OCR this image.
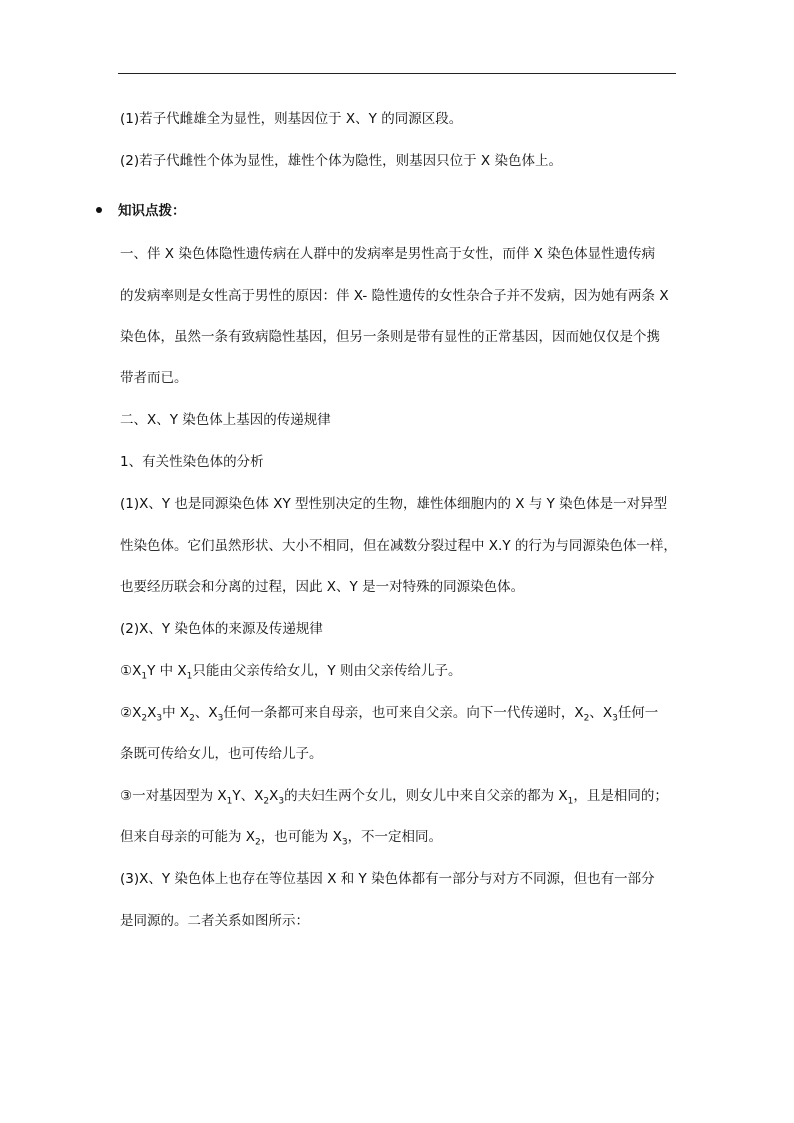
(1)若子代雌雄全为显性，则基因位于 X、Y 的同源区段。
(2)若子代雌性个体为显性，雄性个体为隐性，则基因只位于 X 染色体上。
知识点拨：
一、伴 X 染色体隐性遗传病在人群中的发病率是男性高于女性，而伴 X 染色体显性遗传病
的发病率则是女性高于男性的原因：伴 X- 隐性遗传的女性杂合子并不发病，因为她有两条 X
染色体，虽然一条有致病隐性基因，但另一条则是带有显性的正常基因，因而她仅仅是个携
带者而已。
二、X、Y 染色体上基因的传递规律
1、有关性染色体的分析
(1)X、Y 也是同源染色体 XY 型性别决定的生物，雄性体细胞内的 X 与 Y 染色体是一对异型
性染色体。它们虽然形状、大小不相同，但在减数分裂过程中 X.Y 的行为与同源染色体一样，
也要经历联会和分离的过程，因此 X、Y 是一对特殊的同源染色体。
(2)X、Y 染色体的来源及传递规律
$①X_1Y$ 中 $X_1$只能由父亲传给女儿，Y 则由父亲传给儿子。
$②X_2X_3$中 $X_2$、$X_3$任何一条都可来自母亲，也可来自父亲。向下一代传递时，$X_2$、$X_3$任何一
条既可传给女儿，也可传给儿子。
③一对基因型为 $X_1Y$、$X_2X_3$的夫妇生两个女儿，则女儿中来自父亲的都为 $X_1$，且是相同的；
但来自母亲的可能为 $X_2$，也可能为 $X_3$，不一定相同。
(3)X、Y 染色体上也存在等位基因 X 和 Y 染色体都有一部分与对方不同源，但也有一部分
是同源的。二者关系如图所示：
